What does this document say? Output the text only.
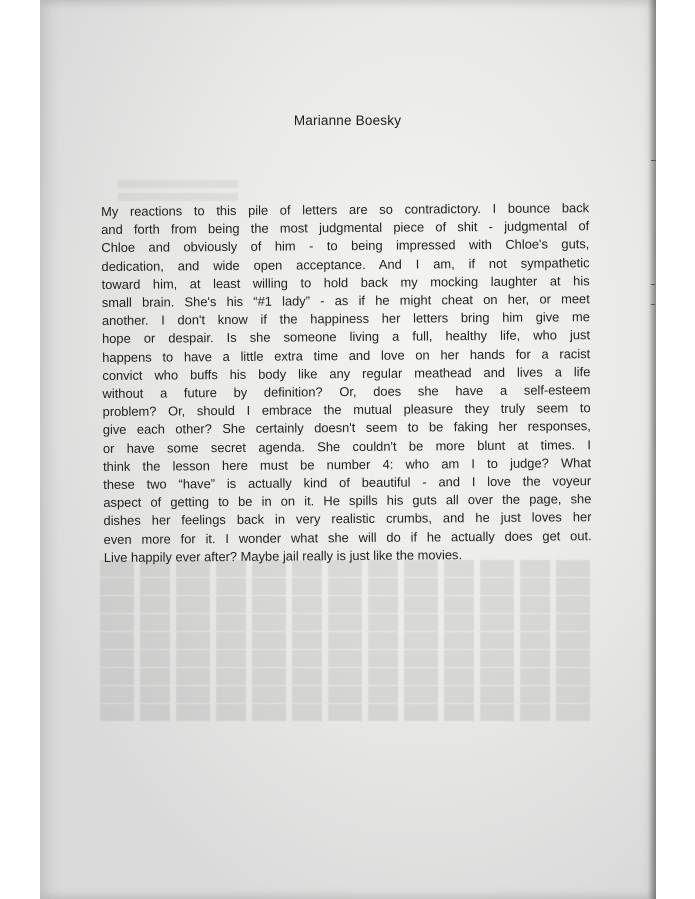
Marianne Boesky
My reactions to this pile of letters are so contradictory. I bounce back
and forth from being the most judgmental piece of shit - judgmental of
Chloe and obviously of him - to being impressed with Chloe's guts,
dedication, and wide open acceptance. And I am, if not sympathetic
toward him, at least willing to hold back my mocking laughter at his
small brain. She's his “#1 lady” - as if he might cheat on her, or meet
another. I don't know if the happiness her letters bring him give me
hope or despair. Is she someone living a full, healthy life, who just
happens to have a little extra time and love on her hands for a racist
convict who buffs his body like any regular meathead and lives a life
without a future by definition? Or, does she have a self-esteem
problem? Or, should I embrace the mutual pleasure they truly seem to
give each other? She certainly doesn't seem to be faking her responses,
or have some secret agenda. She couldn't be more blunt at times. I
think the lesson here must be number 4: who am I to judge? What
these two “have” is actually kind of beautiful - and I love the voyeur
aspect of getting to be in on it. He spills his guts all over the page, she
dishes her feelings back in very realistic crumbs, and he just loves her
even more for it. I wonder what she will do if he actually does get out.
Live happily ever after? Maybe jail really is just like the movies.
